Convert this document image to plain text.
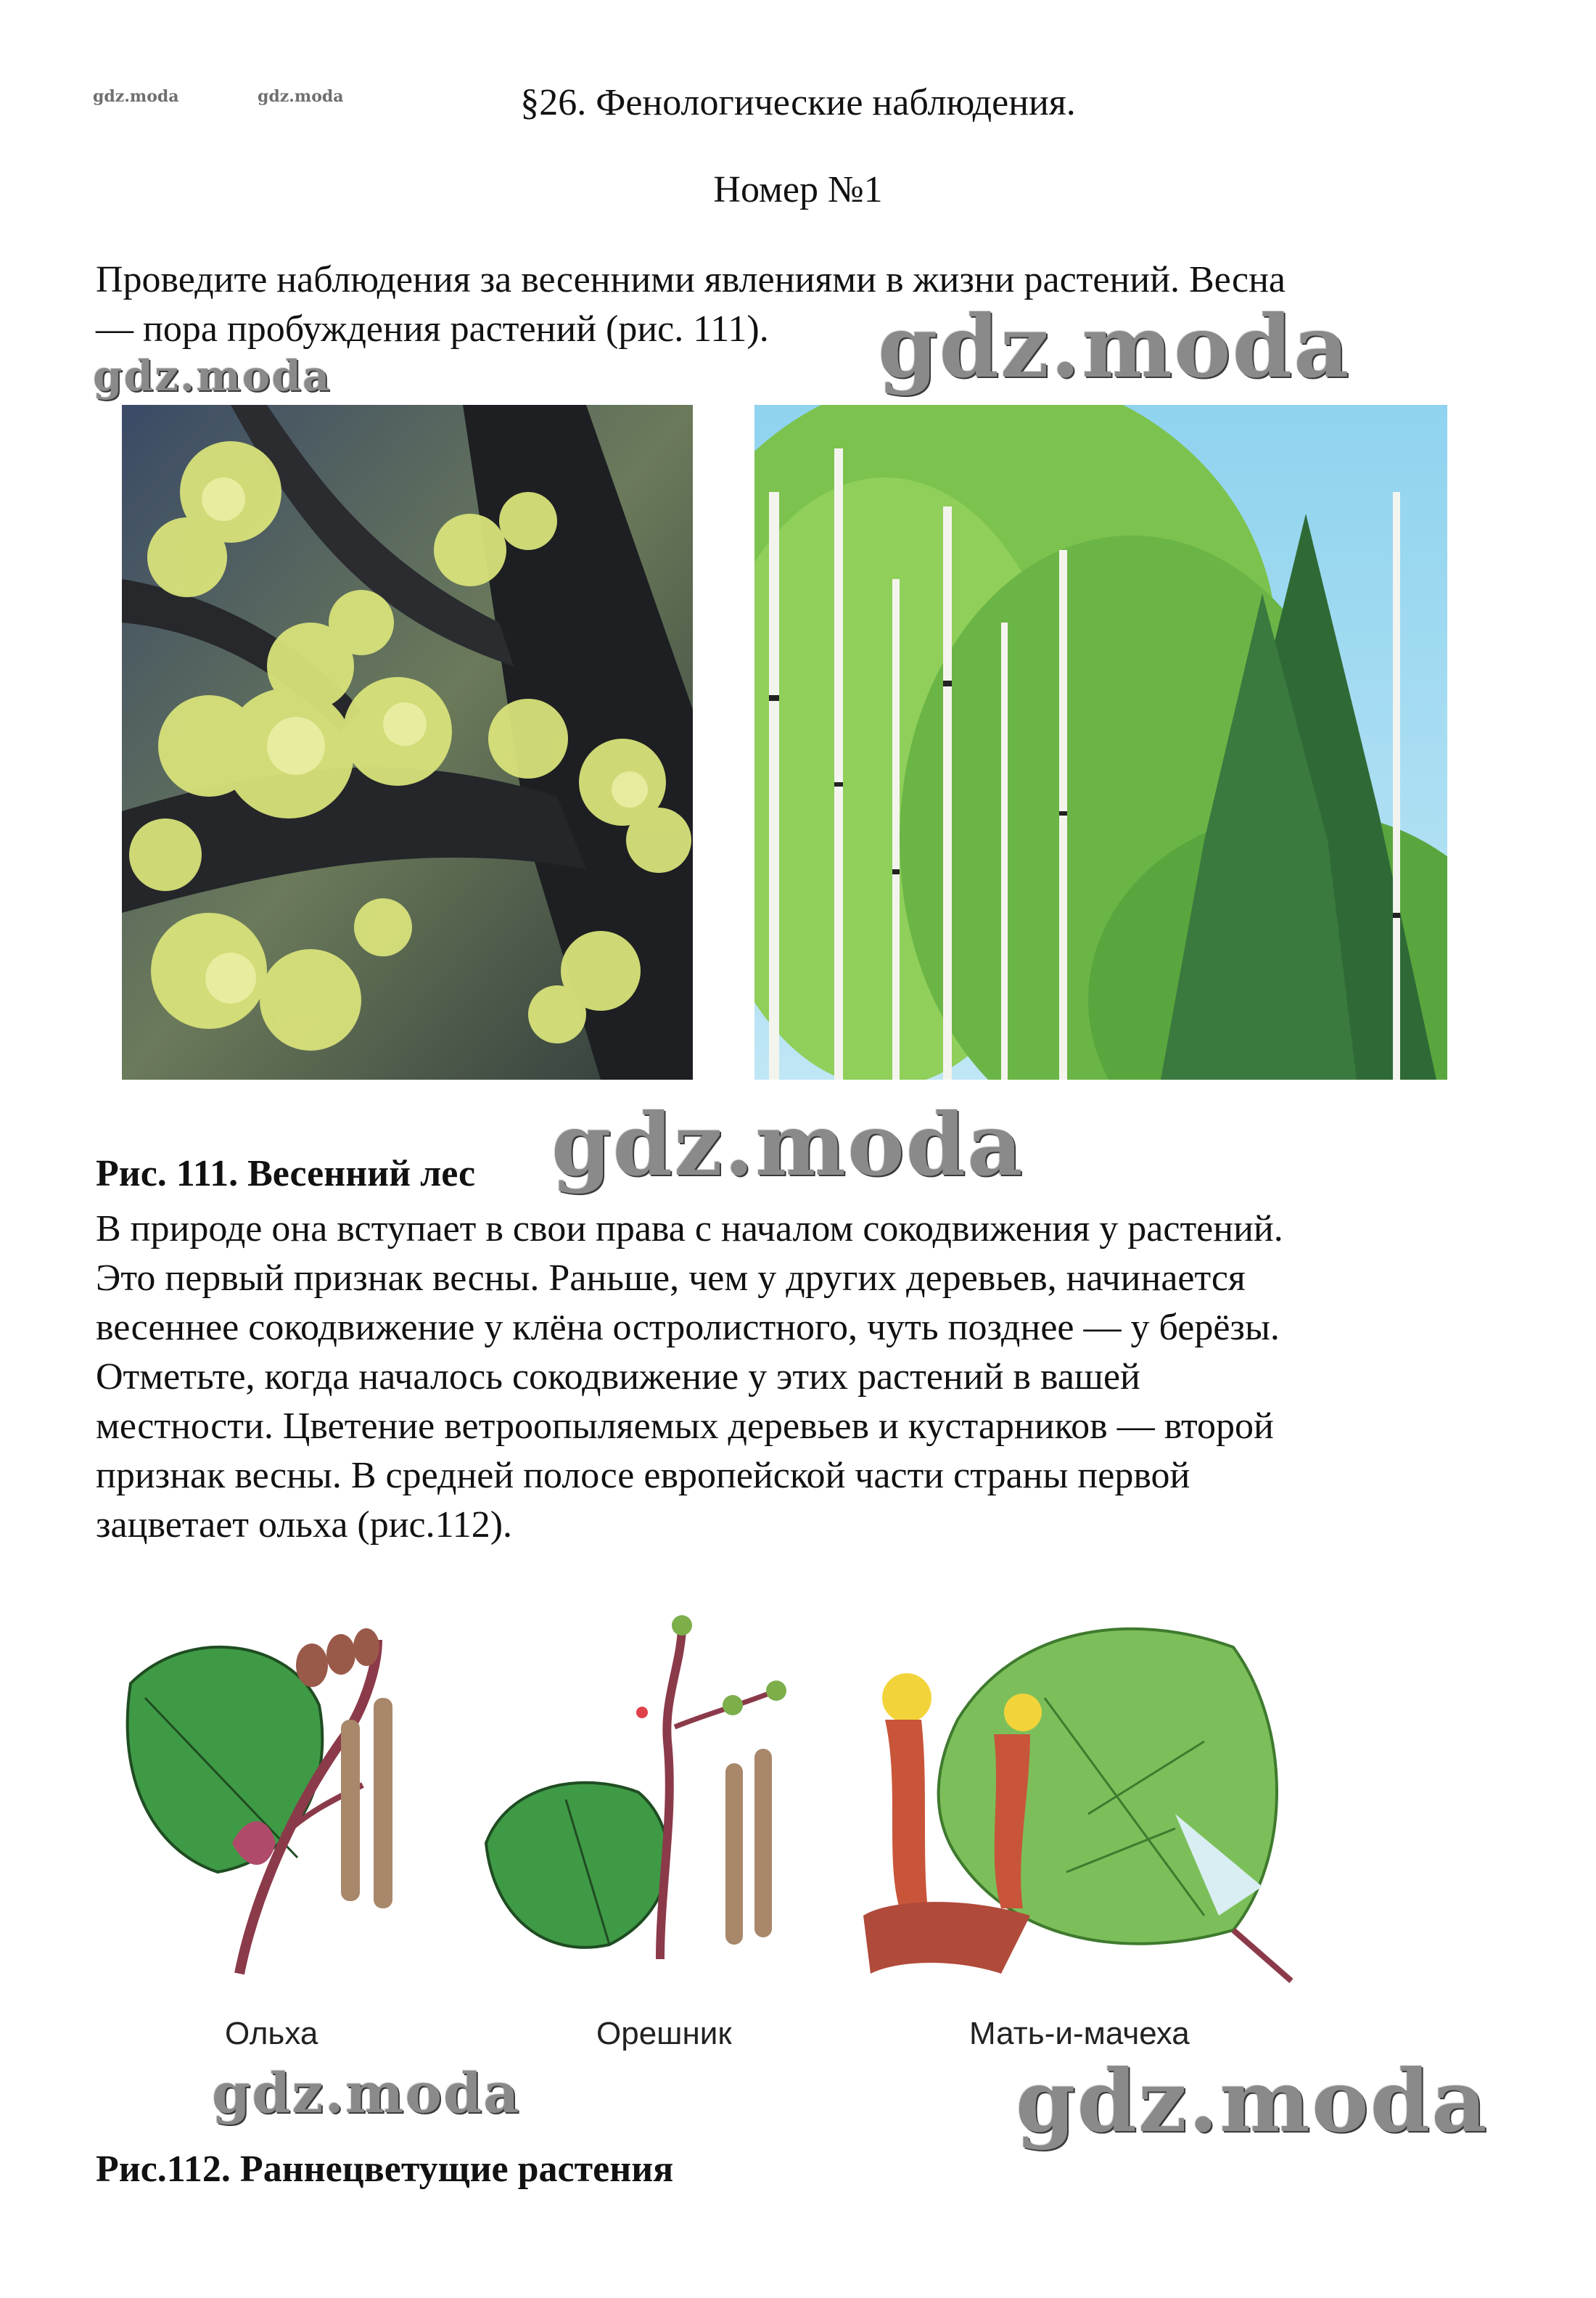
gdz.moda	gdz.moda	§26. Фенологические наблюдения.
Номер №1

Проведите наблюдения за весенними явлениями в жизни растений. Весна

— пора пробуждения растений (рис. 111).

gdz.moda	gdz.moda
Рис. 111. Весенний лес gdz.moda

В природе она вступает в свои права с началом сокодвижения у растений.

Это первый признак весны. Раньше, чем у других деревьев, начинается

весеннее сокодвижение у клёна остролистного, чуть позднее — у берёзы.

Отметьте, когда началось сокодвижение у этих растений в вашей

местности. Цветение ветроопыляемых деревьев и кустарников — второй

признак весны. В средней полосе европейской части страны первой

зацветает ольха (рис.112).

Ольха	Орешник	Мать-и-мачеха
gdz.moda	gdz.moda
Рис.112. Раннецветущие растения
